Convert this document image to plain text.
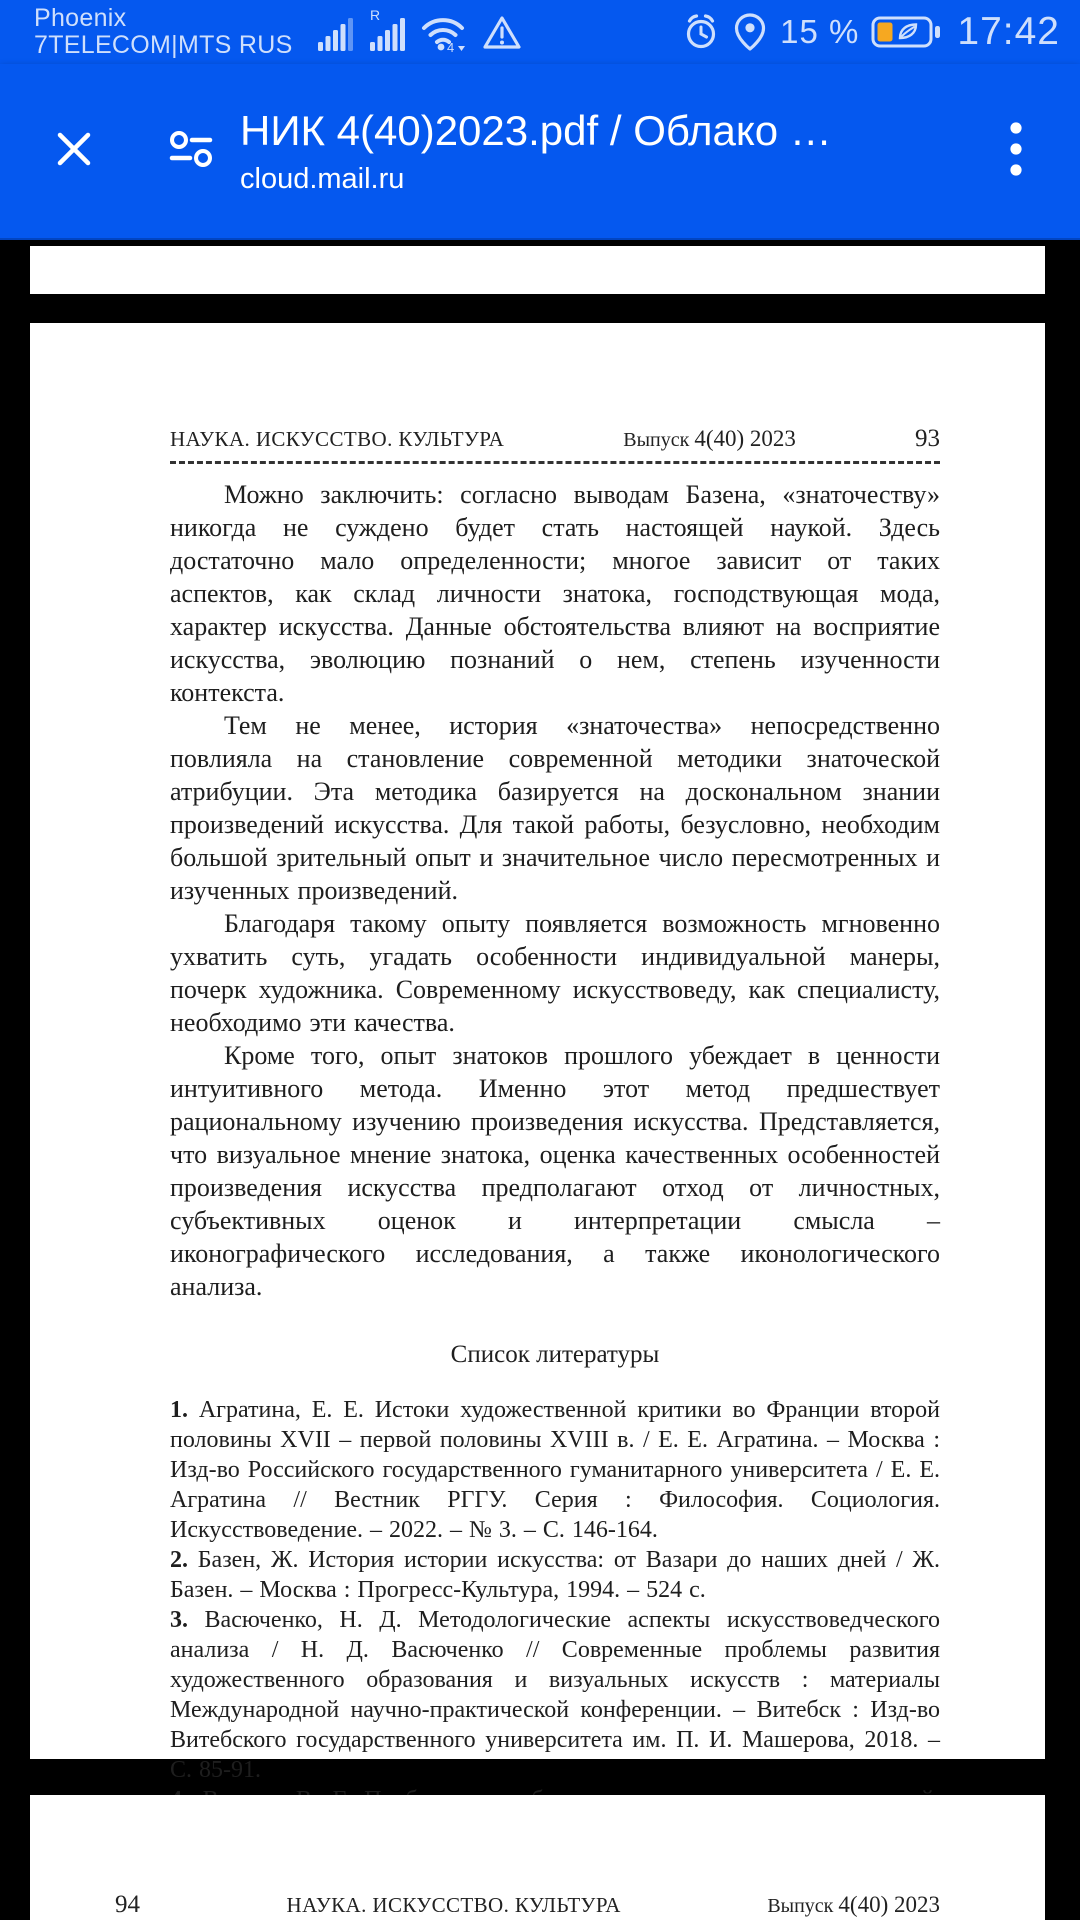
Phoenix
7TELECOM|MTS RUS
R
4	15 %	17:42
НИК 4(40)2023.pdf / Облако …
cloud.mail.ru
НАУКА. ИСКУССТВО. КУЛЬТУРА	Выпуск 4(40) 2023	93

Можно заключить: согласно выводам Базена, «знаточеству» никогда не суждено будет стать настоящей наукой. Здесь достаточно мало определенности; многое зависит от таких аспектов, как склад личности знатока, господствующая мода, характер искусства. Данные обстоятельства влияют на восприятие искусства, эволюцию познаний о нем, степень изученности контекста.

Тем не менее, история «знаточества» непосредственно повлияла на становление современной методики знаточеской атрибуции. Эта методика базируется на доскональном знании произведений искусства. Для такой работы, безусловно, необходим большой зрительный опыт и значительное число пересмотренных и изученных произведений.

Благодаря такому опыту появляется возможность мгновенно ухватить суть, угадать особенности индивидуальной манеры, почерк художника. Современному искусствоведу, как специалисту, необходимо эти качества.

Кроме того, опыт знатоков прошлого убеждает в ценности интуитивного метода. Именно этот метод предшествует рациональному изучению произведения искусства. Представляется, что визуальное мнение знатока, оценка качественных особенностей произведения искусства предполагают отход от личностных, субъективных оценок и интерпретации смысла – иконографического исследования, а также иконологического анализа.

Список литературы

1. Агратина, Е. Е. Истоки художественной критики во Франции второй половины XVII – первой половины XVIII в. / Е. Е. Агратина. – Москва : Изд-во Российского государственного гуманитарного университета / Е. Е. Агратина // Вестник РГГУ. Серия : Философия. Социология. Искусствоведение. – 2022. – № 3. – С. 146-164.

2. Базен, Ж. История истории искусства: от Вазари до наших дней / Ж. Базен. – Москва : Прогресс-Культура, 1994. – 524 с.

3. Васюченко, Н. Д. Методологические аспекты искусствоведческого анализа / Н. Д. Васюченко // Современные проблемы развития художественного образования и визуальных искусств : материалы Международной научно-практической конференции. – Витебск : Изд-во Витебского государственного университета им. П. И. Машерова, 2018. – С. 85-91.

94	НАУКА. ИСКУССТВО. КУЛЬТУРА	Выпуск 4(40) 2023
